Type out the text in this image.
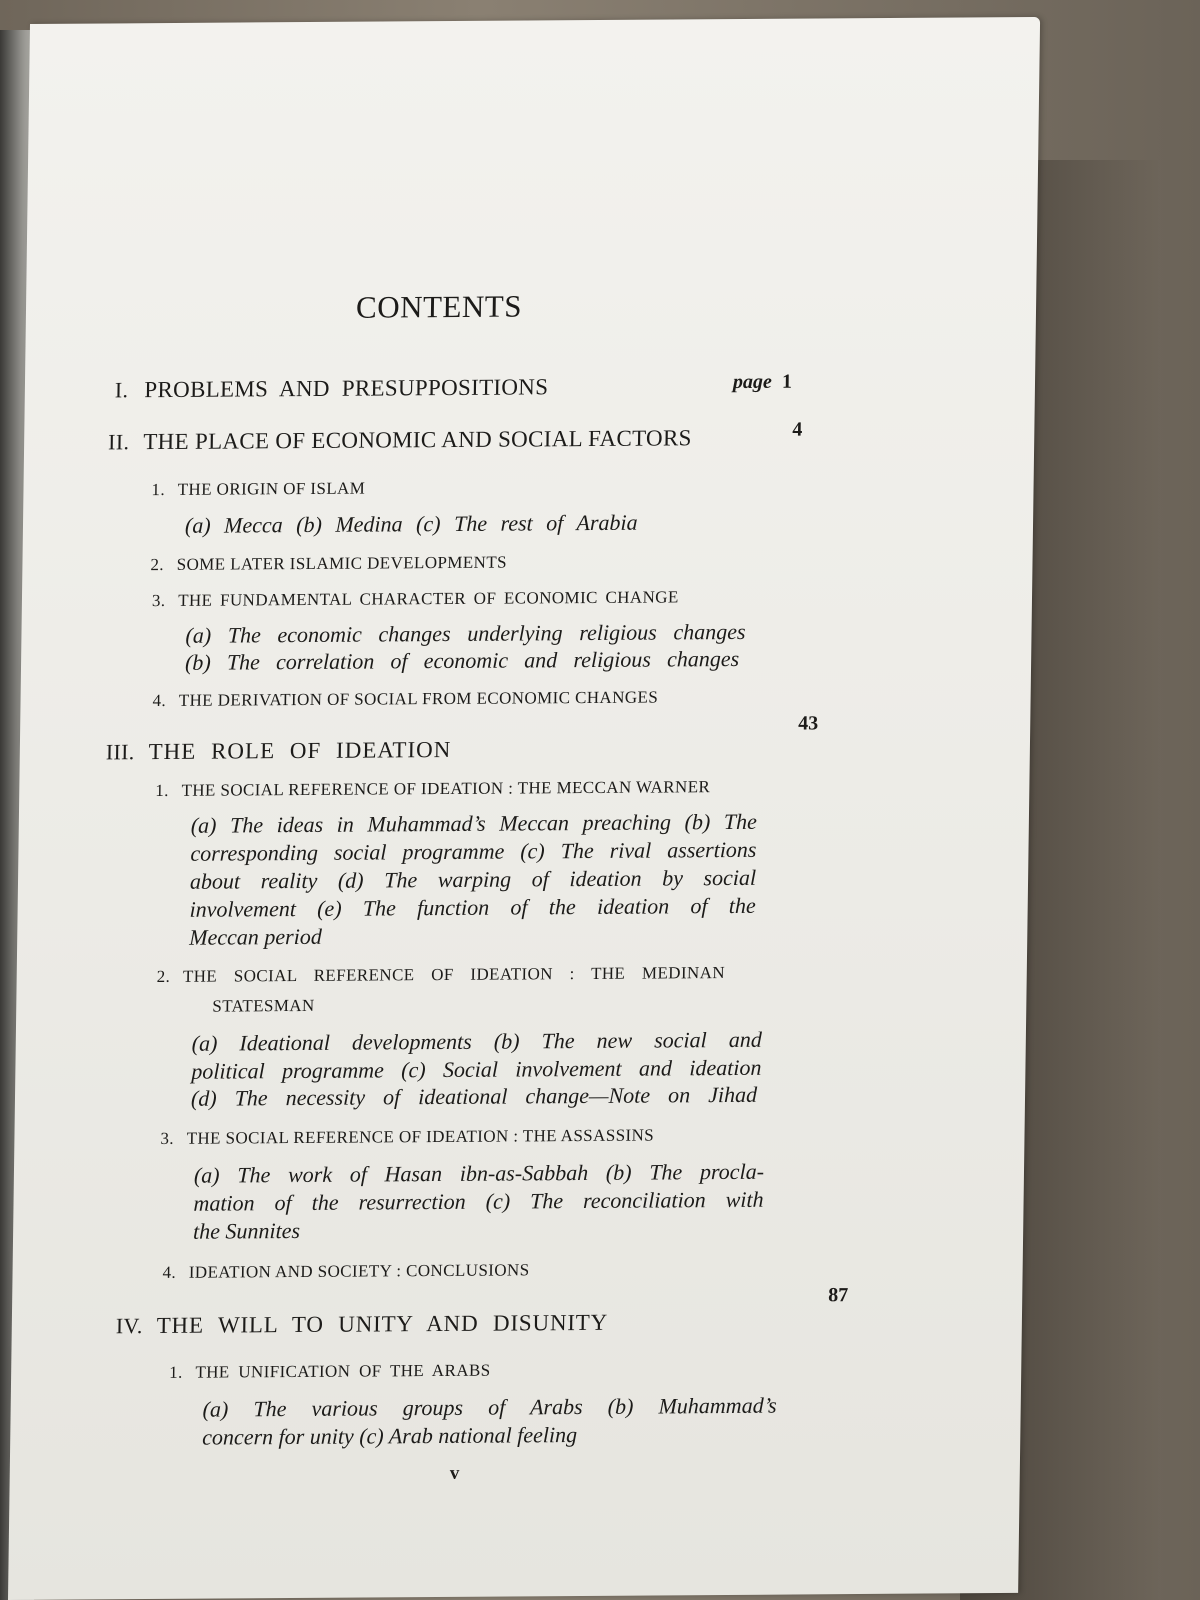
CONTENTS
I. PROBLEMS AND PRESUPPOSITIONS	page 1
II. THE PLACE OF ECONOMIC AND SOCIAL FACTORS	4
1. THE ORIGIN OF ISLAM
(a) Mecca (b) Medina (c) The rest of Arabia
2. SOME LATER ISLAMIC DEVELOPMENTS
3. THE FUNDAMENTAL CHARACTER OF ECONOMIC CHANGE
(a) The economic changes underlying religious changes
(b) The correlation of economic and religious changes
4. THE DERIVATION OF SOCIAL FROM ECONOMIC CHANGES
III. THE ROLE OF IDEATION
43
1. THE SOCIAL REFERENCE OF IDEATION : THE MECCAN WARNER
(a) The ideas in Muhammad’s Meccan preaching (b) The
corresponding social programme (c) The rival assertions
about reality (d) The warping of ideation by social
involvement (e) The function of the ideation of the
Meccan period
2. THE SOCIAL REFERENCE OF IDEATION : THE MEDINAN
STATESMAN
(a) Ideational developments (b) The new social and
political programme (c) Social involvement and ideation
(d) The necessity of ideational change—Note on Jihad
3. THE SOCIAL REFERENCE OF IDEATION : THE ASSASSINS
(a) The work of Hasan ibn-as-Sabbah (b) The procla-
mation of the resurrection (c) The reconciliation with
the Sunnites
4. IDEATION AND SOCIETY : CONCLUSIONS
IV. THE WILL TO UNITY AND DISUNITY
87
1. THE UNIFICATION OF THE ARABS
(a) The various groups of Arabs (b) Muhammad’s
concern for unity (c) Arab national feeling
v
